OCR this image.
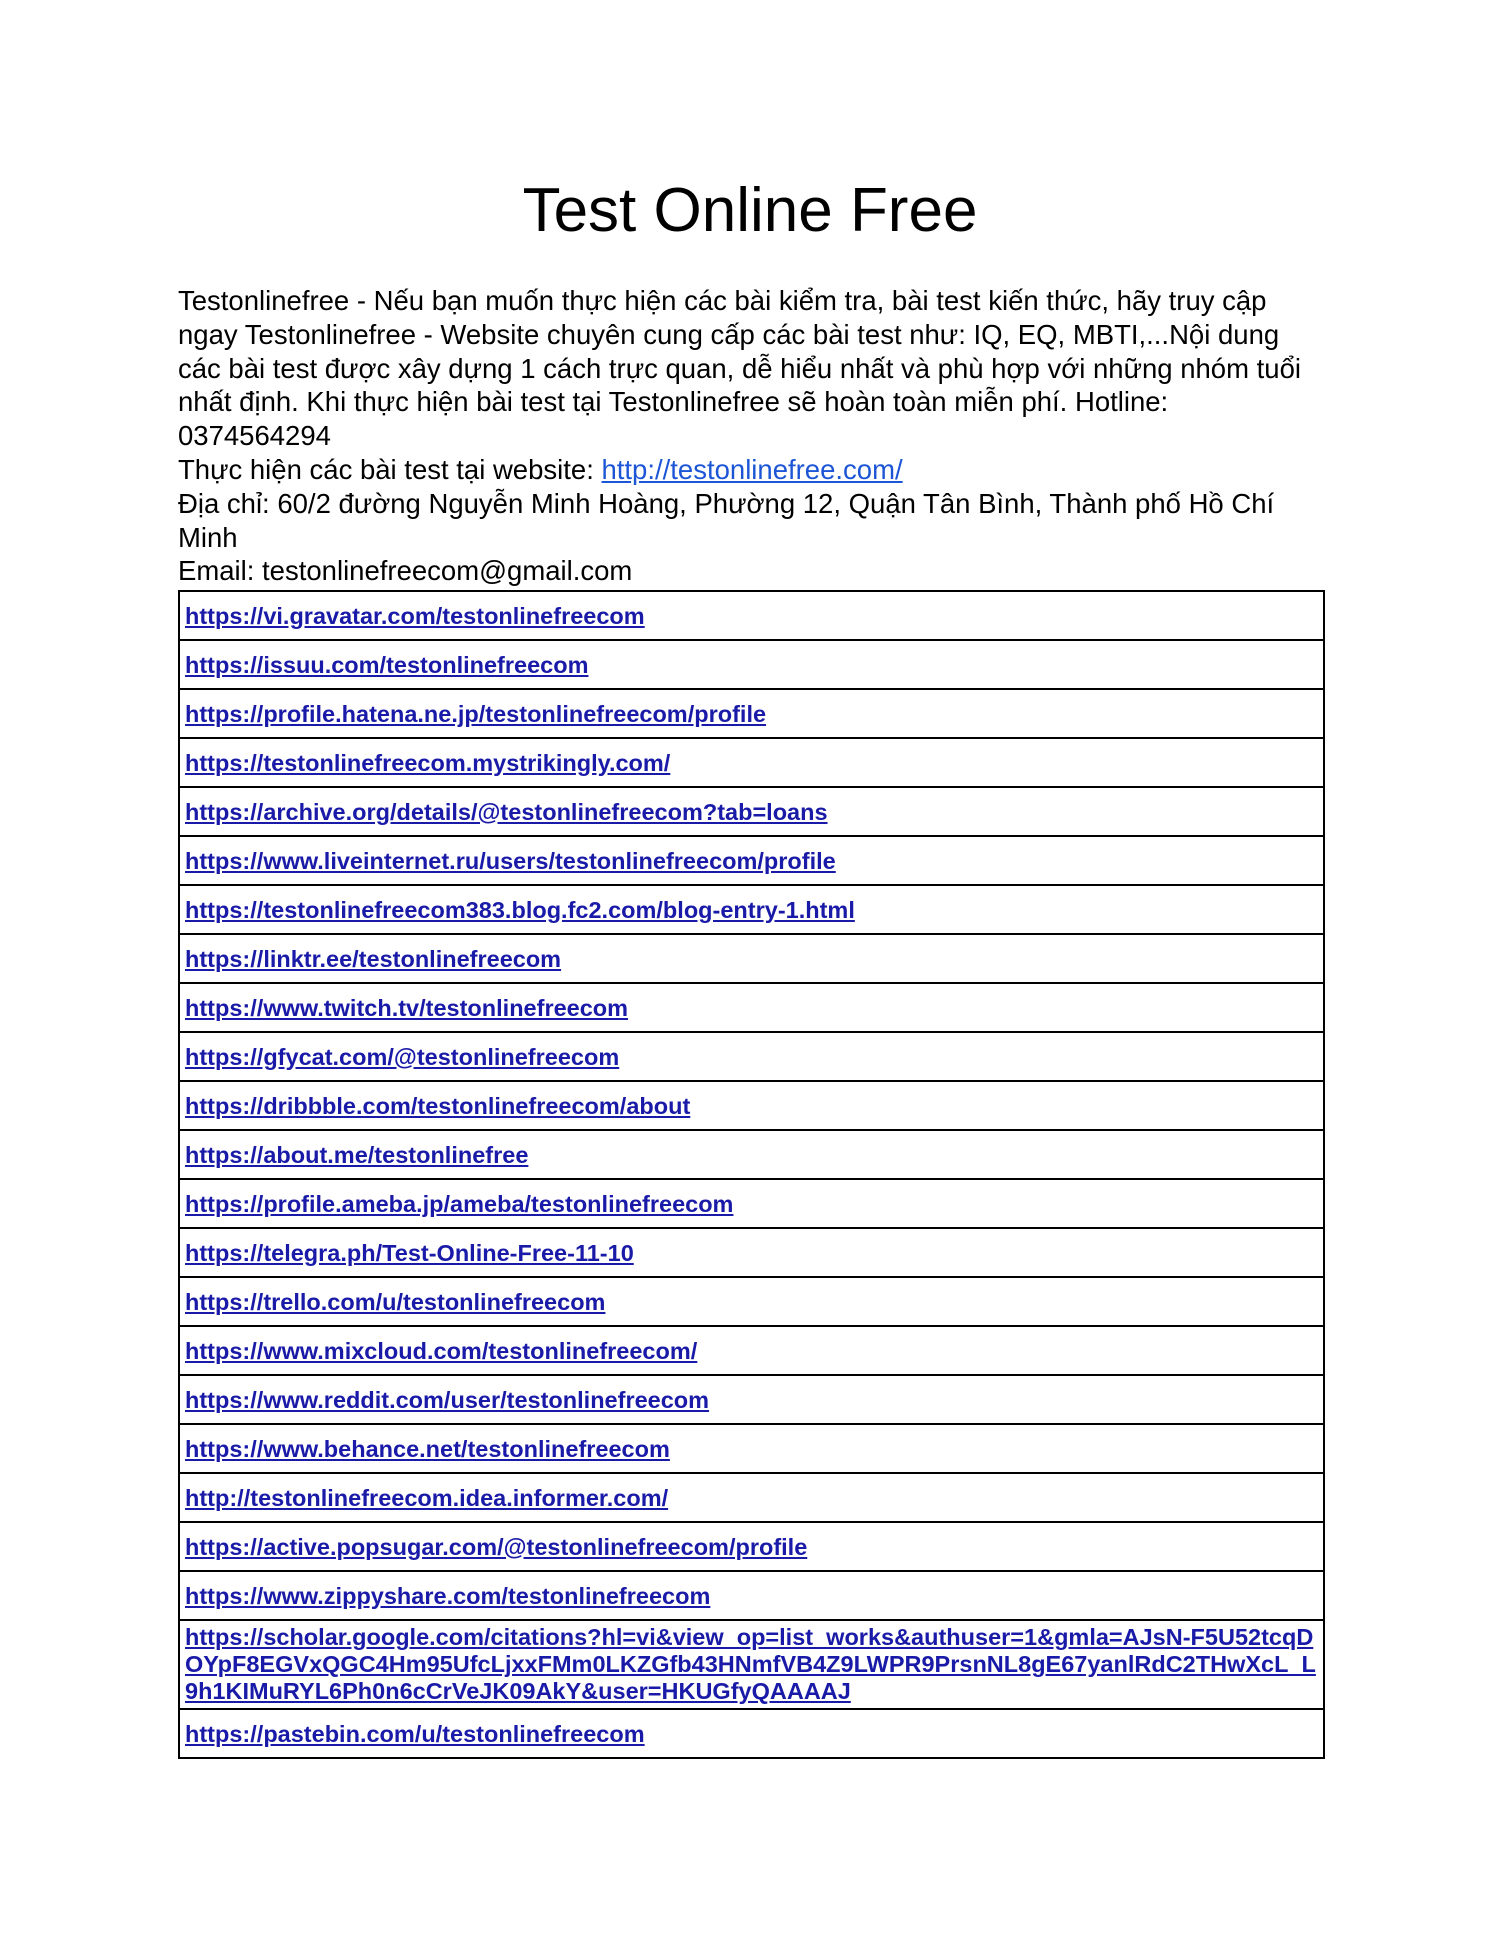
Test Online Free

Testonlinefree - Nếu bạn muốn thực hiện các bài kiểm tra, bài test kiến thức, hãy truy cập ngay Testonlinefree - Website chuyên cung cấp các bài test như: IQ, EQ, MBTI,...Nội dung các bài test được xây dựng 1 cách trực quan, dễ hiểu nhất và phù hợp với những nhóm tuổi nhất định. Khi thực hiện bài test tại Testonlinefree sẽ hoàn toàn miễn phí. Hotline: 0374564294

Thực hiện các bài test tại website: http://testonlinefree.com/

Địa chỉ: 60/2 đường Nguyễn Minh Hoàng, Phường 12, Quận Tân Bình, Thành phố Hồ Chí Minh

Email: testonlinefreecom@gmail.com

https://vi.gravatar.com/testonlinefreecom
https://issuu.com/testonlinefreecom
https://profile.hatena.ne.jp/testonlinefreecom/profile
https://testonlinefreecom.mystrikingly.com/
https://archive.org/details/@testonlinefreecom?tab=loans
https://www.liveinternet.ru/users/testonlinefreecom/profile
https://testonlinefreecom383.blog.fc2.com/blog-entry-1.html
https://linktr.ee/testonlinefreecom
https://www.twitch.tv/testonlinefreecom
https://gfycat.com/@testonlinefreecom
https://dribbble.com/testonlinefreecom/about
https://about.me/testonlinefree
https://profile.ameba.jp/ameba/testonlinefreecom
https://telegra.ph/Test-Online-Free-11-10
https://trello.com/u/testonlinefreecom
https://www.mixcloud.com/testonlinefreecom/
https://www.reddit.com/user/testonlinefreecom
https://www.behance.net/testonlinefreecom
http://testonlinefreecom.idea.informer.com/
https://active.popsugar.com/@testonlinefreecom/profile
https://www.zippyshare.com/testonlinefreecom
https://scholar.google.com/citations?hl=vi&view_op=list_works&authuser=1&gmla=AJsN-F5U52tcqDOYpF8EGVxQGC4Hm95UfcLjxxFMm0LKZGfb43HNmfVB4Z9LWPR9PrsnNL8gE67yanlRdC2THwXcL_L9h1KIMuRYL6Ph0n6cCrVeJK09AkY&user=HKUGfyQAAAAJ
https://pastebin.com/u/testonlinefreecom
